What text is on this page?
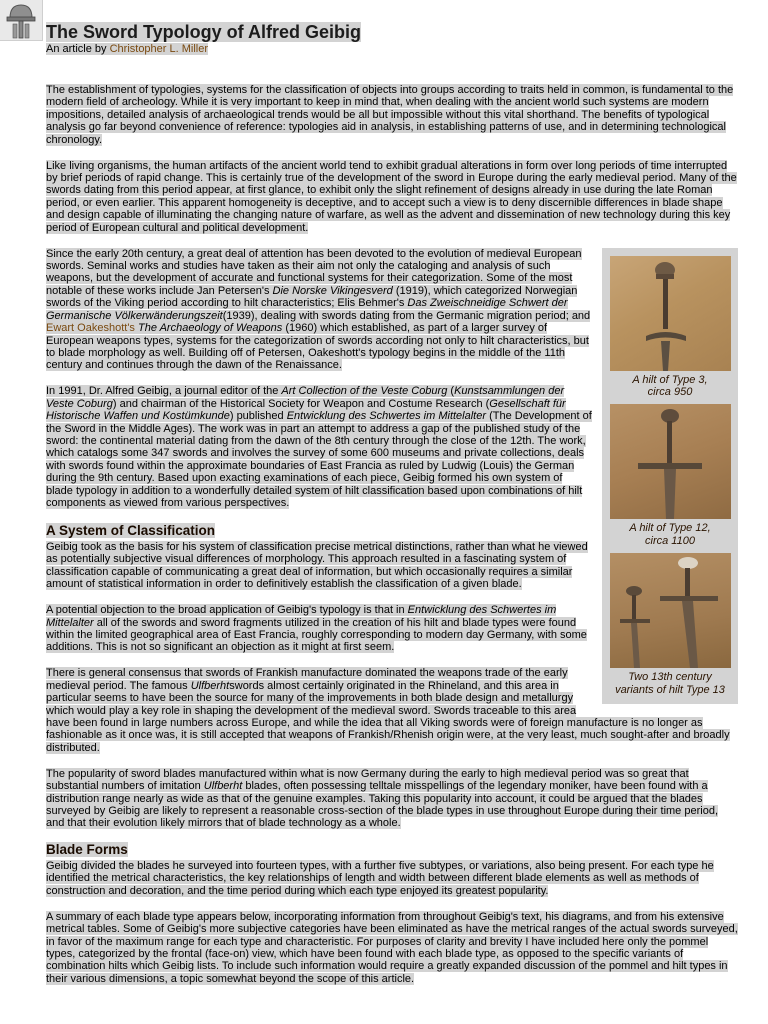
The Sword Typology of Alfred Geibig
An article by Christopher L. Miller

The establishment of typologies, systems for the classification of objects into groups according to traits held in common, is fundamental to the modern field of archeology. While it is very important to keep in mind that, when dealing with the ancient world such systems are modern impositions, detailed analysis of archaeological trends would be all but impossible without this vital shorthand. The benefits of typological analysis go far beyond convenience of reference: typologies aid in analysis, in establishing patterns of use, and in determining technological chronology.

Like living organisms, the human artifacts of the ancient world tend to exhibit gradual alterations in form over long periods of time interrupted by brief periods of rapid change. This is certainly true of the development of the sword in Europe during the early medieval period. Many of the swords dating from this period appear, at first glance, to exhibit only the slight refinement of designs already in use during the late Roman period, or even earlier. This apparent homogeneity is deceptive, and to accept such a view is to deny discernible differences in blade shape and design capable of illuminating the changing nature of warfare, as well as the advent and dissemination of new technology during this key period of European cultural and political development.

A hilt of Type 3,
circa 950
A hilt of Type 12,
circa 1100
Two 13th century
variants of hilt Type 13

Since the early 20th century, a great deal of attention has been devoted to the evolution of medieval European swords. Seminal works and studies have taken as their aim not only the cataloging and analysis of such weapons, but the development of accurate and functional systems for their categorization. Some of the most notable of these works include Jan Petersen's Die Norske Vikingesverd (1919), which categorized Norwegian swords of the Viking period according to hilt characteristics; Elis Behmer's Das Zweischneidige Schwert der Germanische Völkerwänderungszeit(1939), dealing with swords dating from the Germanic migration period; and Ewart Oakeshott's The Archaeology of Weapons (1960) which established, as part of a larger survey of European weapons types, systems for the categorization of swords according not only to hilt characteristics, but to blade morphology as well. Building off of Petersen, Oakeshott's typology begins in the middle of the 11th century and continues through the dawn of the Renaissance.

In 1991, Dr. Alfred Geibig, a journal editor of the Art Collection of the Veste Coburg (Kunstsammlungen der Veste Coburg) and chairman of the Historical Society for Weapon and Costume Research (Gesellschaft für Historische Waffen und Kostümkunde) published Entwicklung des Schwertes im Mittelalter (The Development of the Sword in the Middle Ages). The work was in part an attempt to address a gap of the published study of the sword: the continental material dating from the dawn of the 8th century through the close of the 12th. The work, which catalogs some 347 swords and involves the survey of some 600 museums and private collections, deals with swords found within the approximate boundaries of East Francia as ruled by Ludwig (Louis) the German during the 9th century. Based upon exacting examinations of each piece, Geibig formed his own system of blade typology in addition to a wonderfully detailed system of hilt classification based upon combinations of hilt components as viewed from various perspectives.

A System of Classification

Geibig took as the basis for his system of classification precise metrical distinctions, rather than what he viewed as potentially subjective visual differences of morphology. This approach resulted in a fascinating system of classification capable of communicating a great deal of information, but which occasionally requires a similar amount of statistical information in order to definitively establish the classification of a given blade.

A potential objection to the broad application of Geibig's typology is that in Entwicklung des Schwertes im Mittelalter all of the swords and sword fragments utilized in the creation of his hilt and blade types were found within the limited geographical area of East Francia, roughly corresponding to modern day Germany, with some additions. This is not so significant an objection as it might at first seem.

There is general consensus that swords of Frankish manufacture dominated the weapons trade of the early medieval period. The famous Ulfberhtswords almost certainly originated in the Rhineland, and this area in particular seems to have been the source for many of the improvements in both blade design and metallurgy which would play a key role in shaping the development of the medieval sword. Swords traceable to this area have been found in large numbers across Europe, and while the idea that all Viking swords were of foreign manufacture is no longer as fashionable as it once was, it is still accepted that weapons of Frankish/Rhenish origin were, at the very least, much sought-after and broadly distributed.

The popularity of sword blades manufactured within what is now Germany during the early to high medieval period was so great that substantial numbers of imitation Ulfberht blades, often possessing telltale misspellings of the legendary moniker, have been found with a distribution range nearly as wide as that of the genuine examples. Taking this popularity into account, it could be argued that the blades surveyed by Geibig are likely to represent a reasonable cross-section of the blade types in use throughout Europe during their time period, and that their evolution likely mirrors that of blade technology as a whole.

Blade Forms

Geibig divided the blades he surveyed into fourteen types, with a further five subtypes, or variations, also being present. For each type he identified the metrical characteristics, the key relationships of length and width between different blade elements as well as methods of construction and decoration, and the time period during which each type enjoyed its greatest popularity.

A summary of each blade type appears below, incorporating information from throughout Geibig's text, his diagrams, and from his extensive metrical tables. Some of Geibig's more subjective categories have been eliminated as have the metrical ranges of the actual swords surveyed, in favor of the maximum range for each type and characteristic. For purposes of clarity and brevity I have included here only the pommel types, categorized by the frontal (face-on) view, which have been found with each blade type, as opposed to the specific variants of combination hilts which Geibig lists. To include such information would require a greatly expanded discussion of the pommel and hilt types in their various dimensions, a topic somewhat beyond the scope of this article.
